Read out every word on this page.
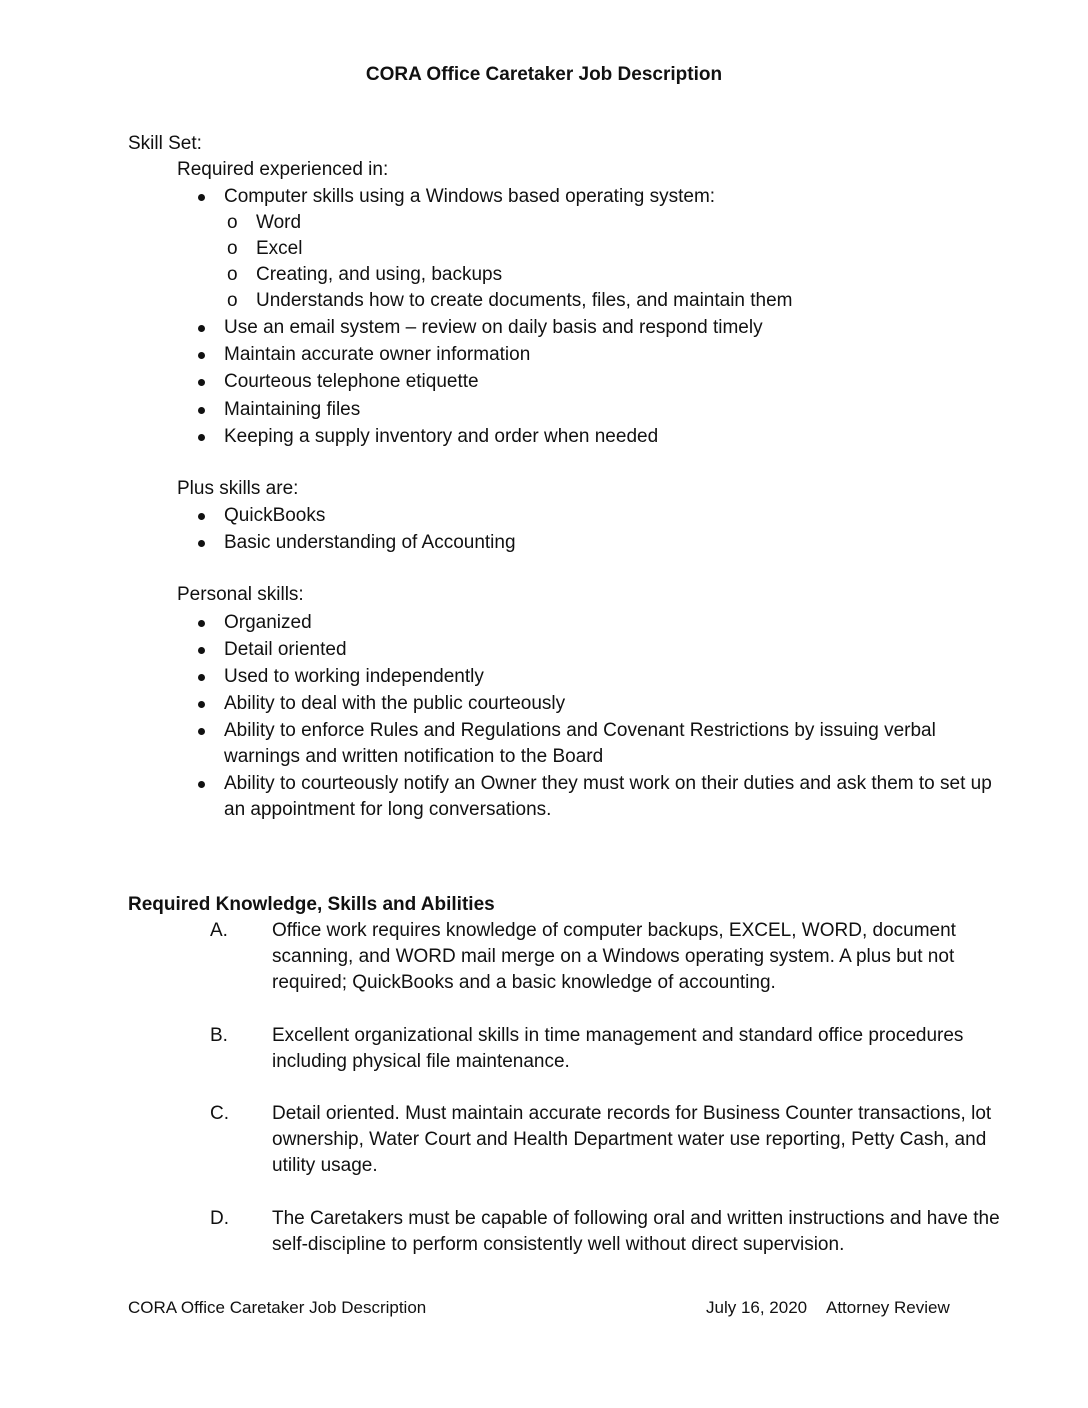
CORA Office Caretaker Job Description
Skill Set:
Required experienced in:
Computer skills using a Windows based operating system:
o Word
o Excel
o Creating, and using, backups
o Understands how to create documents, files, and maintain them
Use an email system – review on daily basis and respond timely
Maintain accurate owner information
Courteous telephone etiquette
Maintaining files
Keeping a supply inventory and order when needed
Plus skills are:
QuickBooks
Basic understanding of Accounting
Personal skills:
Organized
Detail oriented
Used to working independently
Ability to deal with the public courteously
Ability to enforce Rules and Regulations and Covenant Restrictions by issuing verbal warnings and written notification to the Board
Ability to courteously notify an Owner they must work on their duties and ask them to set up an appointment for long conversations.
Required Knowledge, Skills and Abilities
A. Office work requires knowledge of computer backups, EXCEL, WORD, document scanning, and WORD mail merge on a Windows operating system. A plus but not required; QuickBooks and a basic knowledge of accounting.
B. Excellent organizational skills in time management and standard office procedures including physical file maintenance.
C. Detail oriented. Must maintain accurate records for Business Counter transactions, lot ownership, Water Court and Health Department water use reporting, Petty Cash, and utility usage.
D. The Caretakers must be capable of following oral and written instructions and have the self-discipline to perform consistently well without direct supervision.
CORA Office Caretaker Job Description	July 16, 2020 Attorney Review
